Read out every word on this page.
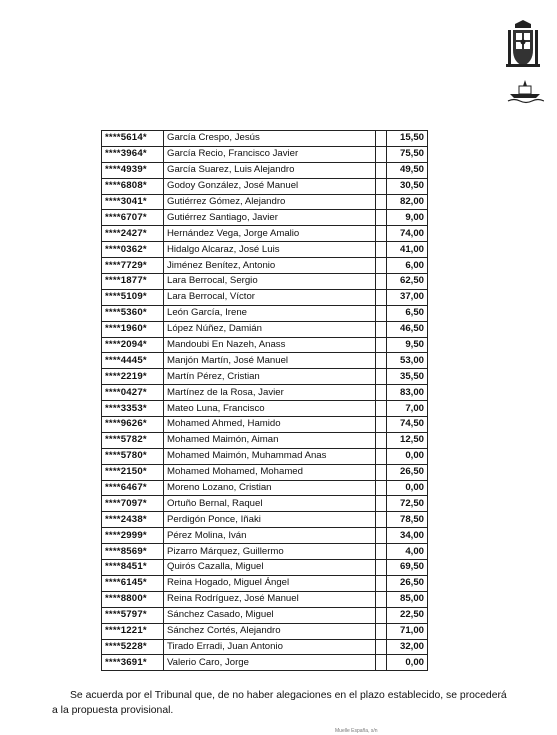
****5614*	García Crespo, Jesús		15,50
****3964*	García Recio, Francisco Javier		75,50
****4939*	García Suarez, Luis Alejandro		49,50
****6808*	Godoy González, José Manuel		30,50
****3041*	Gutiérrez Gómez, Alejandro		82,00
****6707*	Gutiérrez Santiago, Javier		9,00
****2427*	Hernández Vega, Jorge Amalio		74,00
****0362*	Hidalgo Alcaraz, José Luis		41,00
****7729*	Jiménez Benítez, Antonio		6,00
****1877*	Lara Berrocal, Sergio		62,50
****5109*	Lara Berrocal, Víctor		37,00
****5360*	León García, Irene		6,50
****1960*	López Núñez, Damián		46,50
****2094*	Mandoubi En Nazeh, Anass		9,50
****4445*	Manjón Martín, José Manuel		53,00
****2219*	Martín Pérez, Cristian		35,50
****0427*	Martínez de la Rosa, Javier		83,00
****3353*	Mateo Luna, Francisco		7,00
****9626*	Mohamed Ahmed, Hamido		74,50
****5782*	Mohamed Maimón, Aiman		12,50
****5780*	Mohamed Maimón, Muhammad Anas		0,00
****2150*	Mohamed Mohamed, Mohamed		26,50
****6467*	Moreno Lozano, Cristian		0,00
****7097*	Ortuño Bernal, Raquel		72,50
****2438*	Perdigón Ponce, Iñaki		78,50
****2999*	Pérez Molina, Iván		34,00
****8569*	Pizarro Márquez, Guillermo		4,00
****8451*	Quirós Cazalla, Miguel		69,50
****6145*	Reina Hogado, Miguel Ángel		26,50
****8800*	Reina Rodríguez, José Manuel		85,00
****5797*	Sánchez Casado, Miguel		22,50
****1221*	Sánchez Cortés, Alejandro		71,00
****5228*	Tirado Erradi, Juan Antonio		32,00
****3691*	Valerio Caro, Jorge		0,00
Se acuerda por el Tribunal que, de no haber alegaciones en el plazo establecido, se procederá a la propuesta provisional.
Muelle España, s/n
